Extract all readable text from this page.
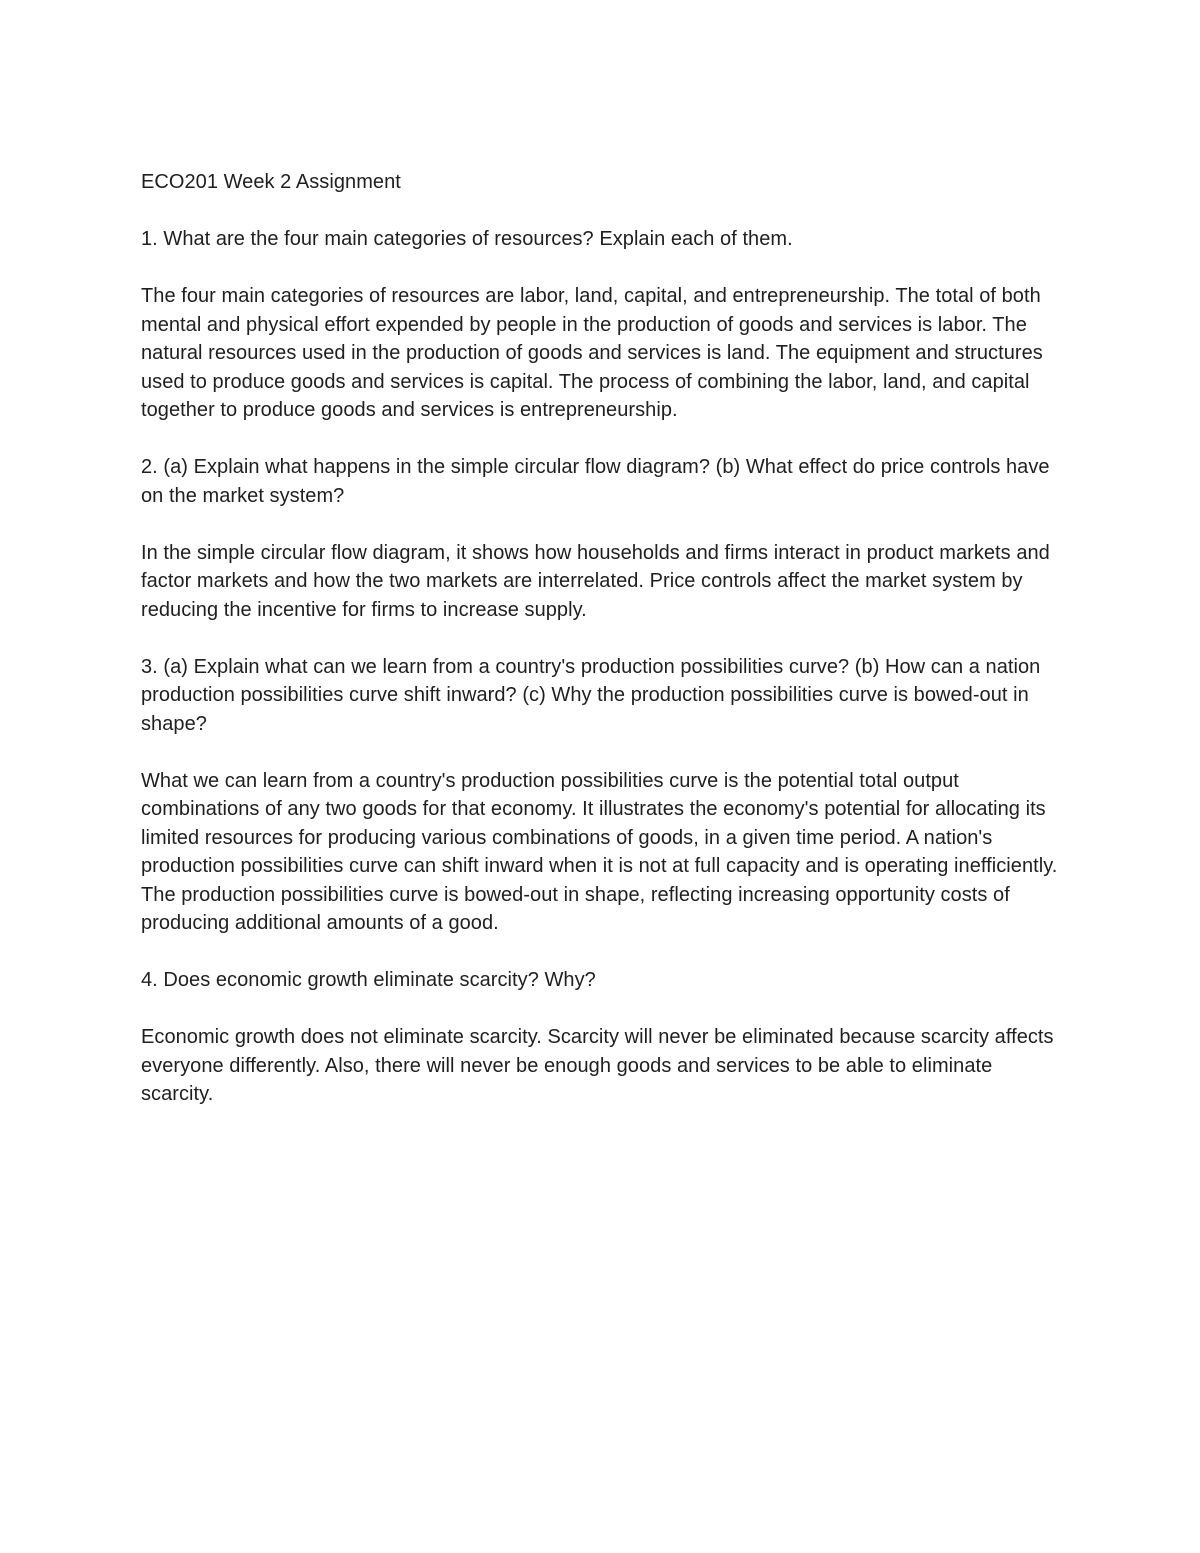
ECO201 Week 2 Assignment

1. What are the four main categories of resources? Explain each of them.

The four main categories of resources are labor, land, capital, and entrepreneurship. The total of both mental and physical effort expended by people in the production of goods and services is labor. The natural resources used in the production of goods and services is land. The equipment and structures used to produce goods and services is capital. The process of combining the labor, land, and capital together to produce goods and services is entrepreneurship.

2. (a) Explain what happens in the simple circular flow diagram? (b) What effect do price controls have on the market system?

In the simple circular flow diagram, it shows how households and firms interact in product markets and factor markets and how the two markets are interrelated. Price controls affect the market system by reducing the incentive for firms to increase supply.

3. (a) Explain what can we learn from a country's production possibilities curve? (b) How can a nation production possibilities curve shift inward? (c) Why the production possibilities curve is bowed-out in shape?

What we can learn from a country's production possibilities curve is the potential total output combinations of any two goods for that economy. It illustrates the economy's potential for allocating its limited resources for producing various combinations of goods, in a given time period. A nation's production possibilities curve can shift inward when it is not at full capacity and is operating inefficiently. The production possibilities curve is bowed-out in shape, reflecting increasing opportunity costs of producing additional amounts of a good.

4. Does economic growth eliminate scarcity? Why?

Economic growth does not eliminate scarcity. Scarcity will never be eliminated because scarcity affects everyone differently. Also, there will never be enough goods and services to be able to eliminate scarcity.
